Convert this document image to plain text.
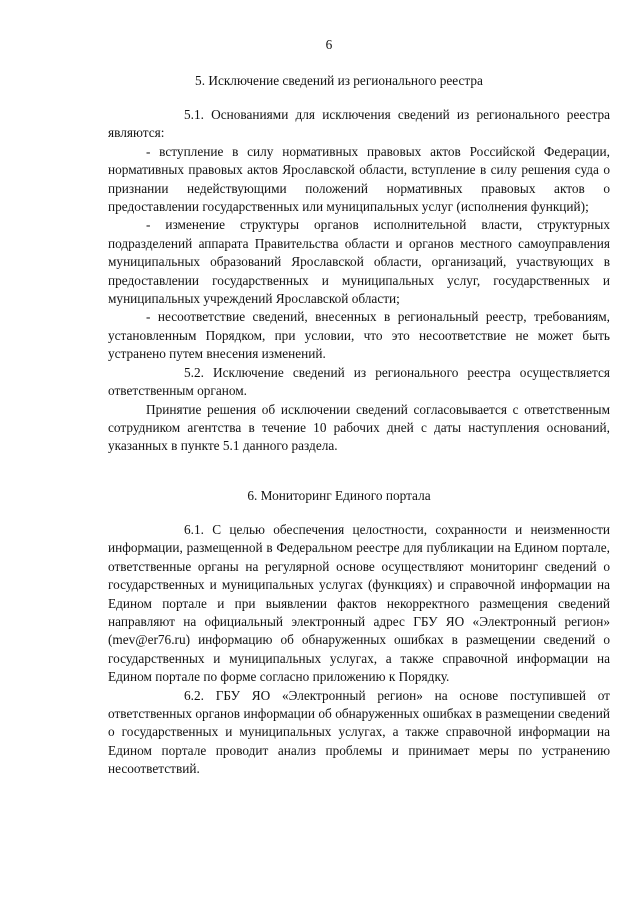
6
5. Исключение сведений из регионального реестра

5.1. Основаниями для исключения сведений из регионального реестра являются:

- вступление в силу нормативных правовых актов Российской Федерации, нормативных правовых актов Ярославской области, вступление в силу решения суда о признании недействующими положений нормативных правовых актов о предоставлении государственных или муниципальных услуг (исполнения функций);

- изменение структуры органов исполнительной власти, структурных подразделений аппарата Правительства области и органов местного самоуправления муниципальных образований Ярославской области, организаций, участвующих в предоставлении государственных и муниципальных услуг, государственных и муниципальных учреждений Ярославской области;

- несоответствие сведений, внесенных в региональный реестр, требованиям, установленным Порядком, при условии, что это несоответствие не может быть устранено путем внесения изменений.

5.2. Исключение сведений из регионального реестра осуществляется ответственным органом.

Принятие решения об исключении сведений согласовывается с ответственным сотрудником агентства в течение 10 рабочих дней с даты наступления оснований, указанных в пункте 5.1 данного раздела.

6. Мониторинг Единого портала

6.1. С целью обеспечения целостности, сохранности и неизменности информации, размещенной в Федеральном реестре для публикации на Едином портале, ответственные органы на регулярной основе осуществляют мониторинг сведений о государственных и муниципальных услугах (функциях) и справочной информации на Едином портале и при выявлении фактов некорректного размещения сведений направляют на официальный электронный адрес ГБУ ЯО «Электронный регион» (mev@er76.ru) информацию об обнаруженных ошибках в размещении сведений о государственных и муниципальных услугах, а также справочной информации на Едином портале по форме согласно приложению к Порядку.

6.2. ГБУ ЯО «Электронный регион» на основе поступившей от ответственных органов информации об обнаруженных ошибках в размещении сведений о государственных и муниципальных услугах, а также справочной информации на Едином портале проводит анализ проблемы и принимает меры по устранению несоответствий.
